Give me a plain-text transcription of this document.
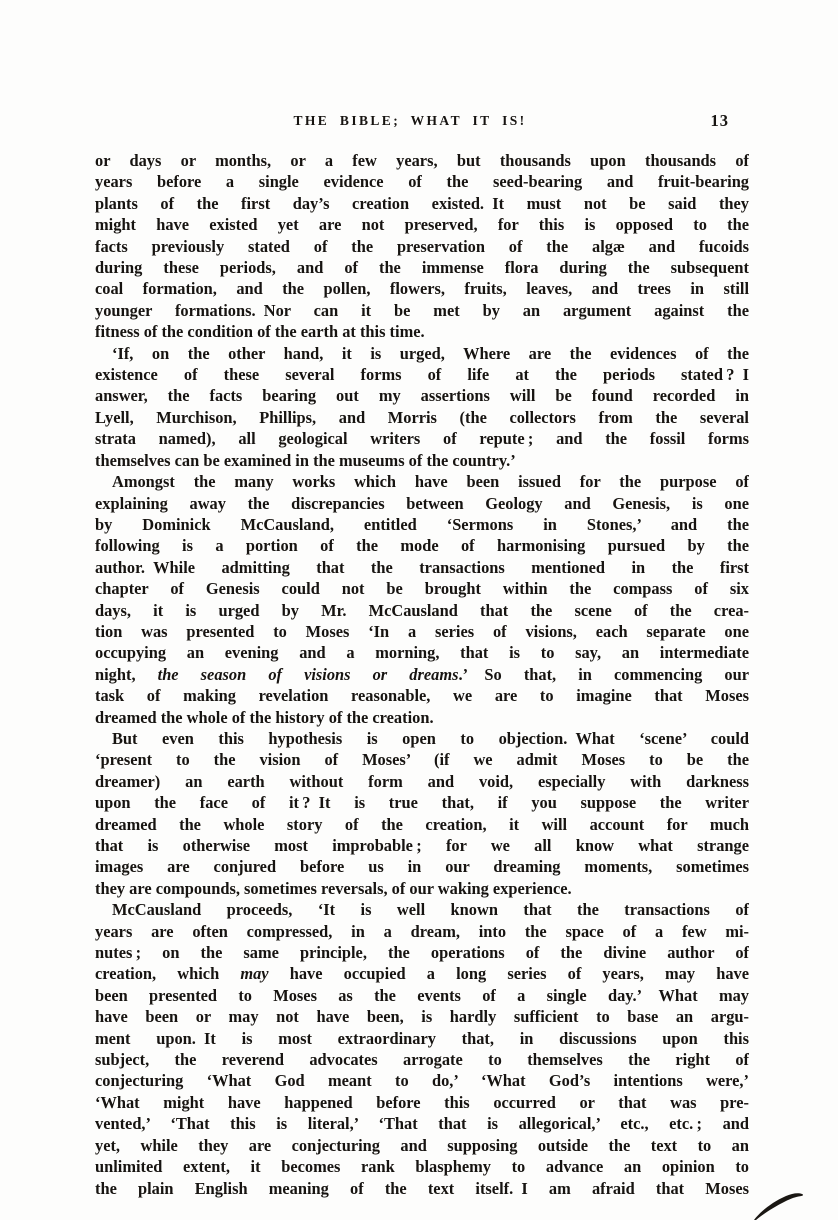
THE BIBLE; WHAT IT IS!	13
or days or months, or a few years, but thousands upon thousands of
years before a single evidence of the seed-bearing and fruit-bearing
plants of the first day’s creation existed. It must not be said they
might have existed yet are not preserved, for this is opposed to the
facts previously stated of the preservation of the algæ and fucoids
during these periods, and of the immense flora during the subsequent
coal formation, and the pollen, flowers, fruits, leaves, and trees in still
younger formations. Nor can it be met by an argument against the
fitness of the condition of the earth at this time.
‘If, on the other hand, it is urged, Where are the evidences of the
existence of these several forms of life at the periods stated ? I
answer, the facts bearing out my assertions will be found recorded in
Lyell, Murchison, Phillips, and Morris (the collectors from the several
strata named), all geological writers of repute ; and the fossil forms
themselves can be examined in the museums of the country.’
Amongst the many works which have been issued for the purpose of
explaining away the discrepancies between Geology and Genesis, is one
by Dominick McCausland, entitled ‘Sermons in Stones,’ and the
following is a portion of the mode of harmonising pursued by the
author. While admitting that the transactions mentioned in the first
chapter of Genesis could not be brought within the compass of six
days, it is urged by Mr. McCausland that the scene of the crea-
tion was presented to Moses ‘In a series of visions, each separate one
occupying an evening and a morning, that is to say, an intermediate
night, the season of visions or dreams.’ So that, in commencing our
task of making revelation reasonable, we are to imagine that Moses
dreamed the whole of the history of the creation.
But even this hypothesis is open to objection. What ‘scene’ could
‘present to the vision of Moses’ (if we admit Moses to be the
dreamer) an earth without form and void, especially with darkness
upon the face of it ? It is true that, if you suppose the writer
dreamed the whole story of the creation, it will account for much
that is otherwise most improbable ; for we all know what strange
images are conjured before us in our dreaming moments, sometimes
they are compounds, sometimes reversals, of our waking experience.
McCausland proceeds, ‘It is well known that the transactions of
years are often compressed, in a dream, into the space of a few mi-
nutes ; on the same principle, the operations of the divine author of
creation, which may have occupied a long series of years, may have
been presented to Moses as the events of a single day.’ What may
have been or may not have been, is hardly sufficient to base an argu-
ment upon. It is most extraordinary that, in discussions upon this
subject, the reverend advocates arrogate to themselves the right of
conjecturing ‘What God meant to do,’ ‘What God’s intentions were,’
‘What might have happened before this occurred or that was pre-
vented,’ ‘That this is literal,’ ‘That that is allegorical,’ etc., etc. ; and
yet, while they are conjecturing and supposing outside the text to an
unlimited extent, it becomes rank blasphemy to advance an opinion to
the plain English meaning of the text itself. I am afraid that Moses
